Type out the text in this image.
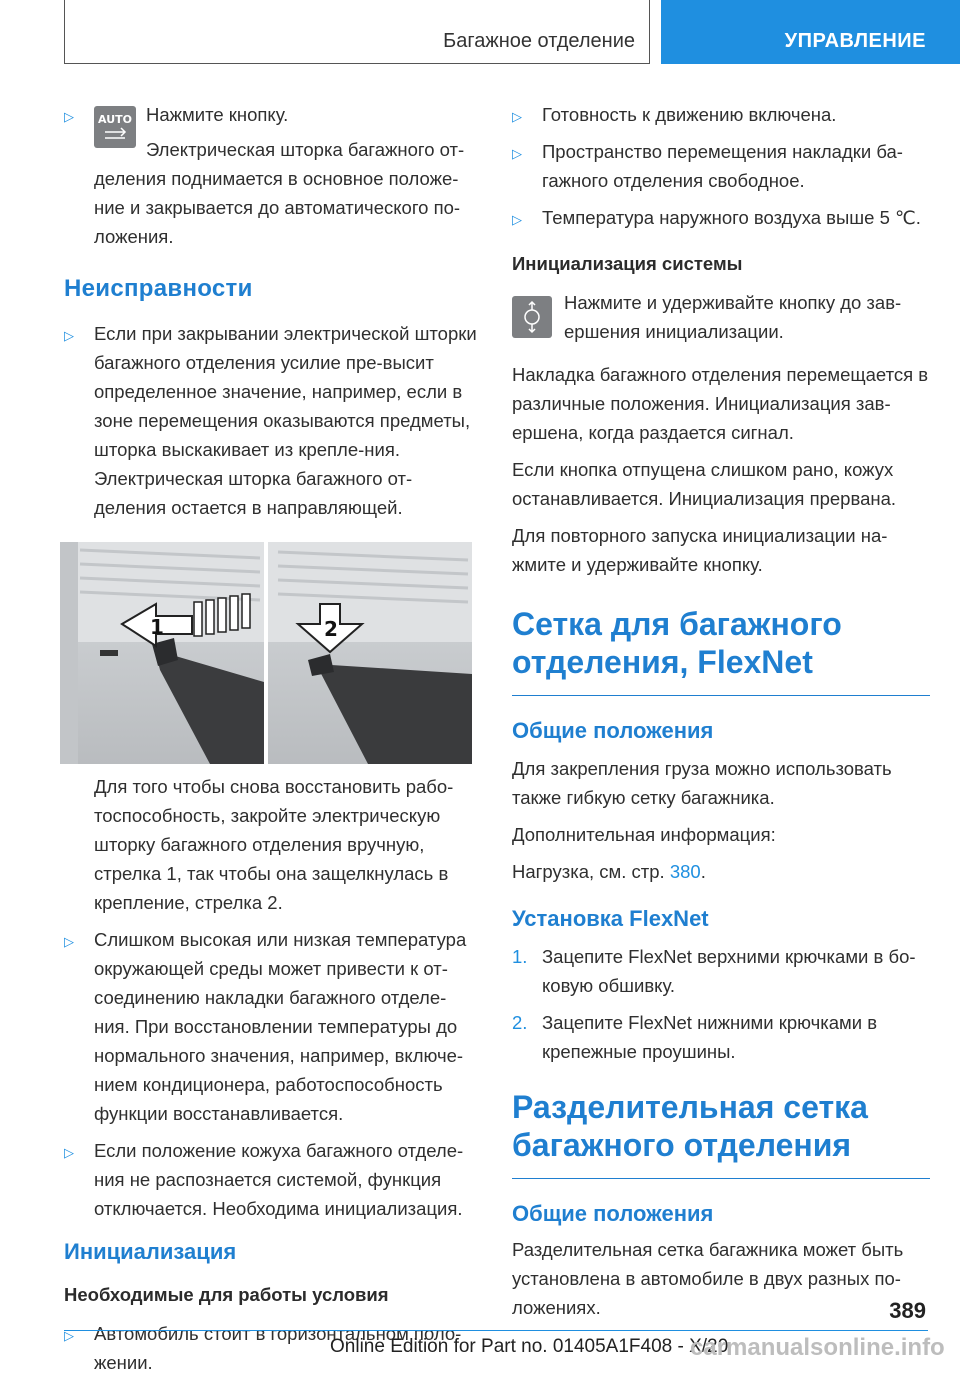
Багажное отделение	УПРАВЛЕНИЕ
▷ AUTO Нажмите кнопку.
Электрическая шторка багажного от-деления поднимается в основное положе-ние и закрывается до автоматического по-ложения.
Неисправности
▷ Если при закрывании электрической шторки багажного отделения усилие пре-высит определенное значение, например, если в зоне перемещения оказываются предметы, шторка выскакивает из крепле-ния. Электрическая шторка багажного от-деления остается в направляющей.
1	2

Для того чтобы снова восстановить рабо-тоспособность, закройте электрическую шторку багажного отделения вручную, стрелка 1, так чтобы она защелкнулась в крепление, стрелка 2.

▷ Слишком высокая или низкая температура окружающей среды может привести к от-соединению накладки багажного отделе-ния. При восстановлении температуры до нормального значения, например, включе-нием кондиционера, работоспособность функции восстанавливается.
▷ Если положение кожуха багажного отделе-ния не распознается системой, функция отключается. Необходима инициализация.
Инициализация
Необходимые для работы условия
▷ Автомобиль стоит в горизонтальном поло-жении.
▷ Готовность к движению включена.
▷ Пространство перемещения накладки ба-гажного отделения свободное.
▷ Температура наружного воздуха выше 5 ℃.
Инициализация системы
Нажмите и удерживайте кнопку до зав-ершения инициализации.

Накладка багажного отделения перемещается в различные положения. Инициализация зав-ершена, когда раздается сигнал.

Если кнопка отпущена слишком рано, кожух останавливается. Инициализация прервана.

Для повторного запуска инициализации на-жмите и удерживайте кнопку.

Сетка для багажного отделения, FlexNet
Общие положения

Для закрепления груза можно использовать также гибкую сетку багажника.

Дополнительная информация:

Нагрузка, см. стр. 380.

Установка FlexNet
1. Зацепите FlexNet верхними крючками в бо-ковую обшивку.
2. Зацепите FlexNet нижними крючками в крепежные проушины.
Разделительная сетка багажного отделения
Общие положения

Разделительная сетка багажника может быть установлена в автомобиле в двух разных по-ложениях.	389
Online Edition for Part no. 01405A1F408 - X/20
carmanualsonline.info
